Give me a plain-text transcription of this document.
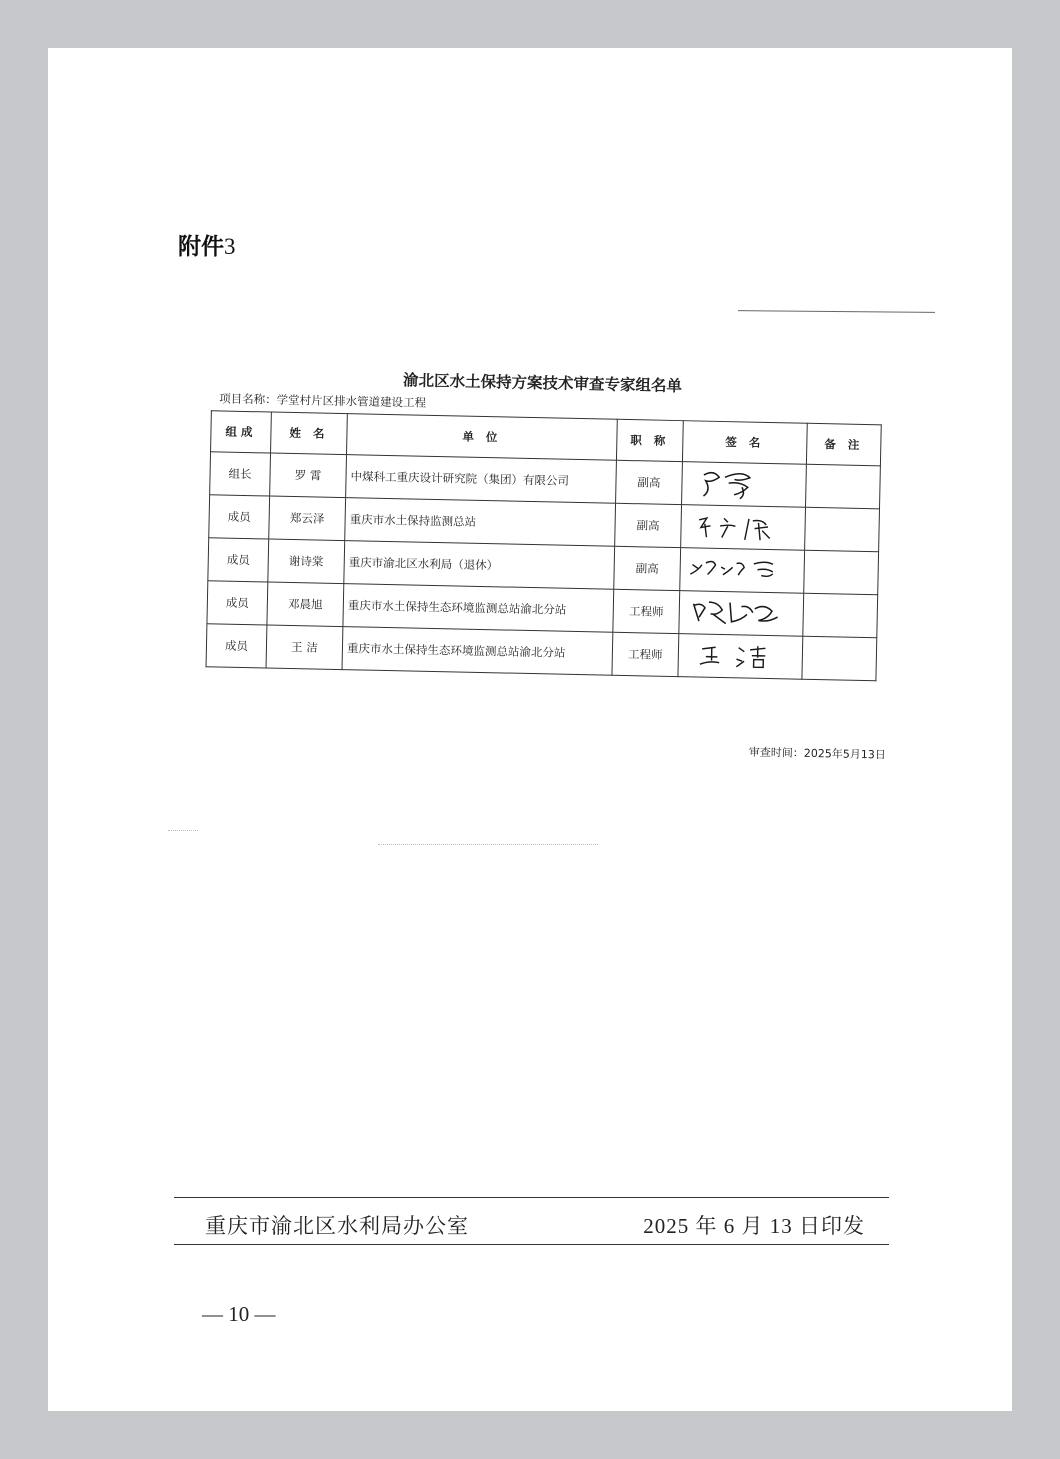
附件3
渝北区水土保持方案技术审查专家组名单
项目名称：学堂村片区排水管道建设工程
组成	姓 名	单 位	职 称	签 名	备 注
组长	罗 霄	中煤科工重庆设计研究院（集团）有限公司	副高		
成员	郑云泽	重庆市水土保持监测总站	副高		
成员	谢诗棠	重庆市渝北区水利局（退休）	副高		
成员	邓晨旭	重庆市水土保持生态环境监测总站渝北分站	工程师		
成员	王 洁	重庆市水土保持生态环境监测总站渝北分站	工程师		
审查时间：2025年5月13日
重庆市渝北区水利局办公室	2025 年 6 月 13 日印发
— 10 —
